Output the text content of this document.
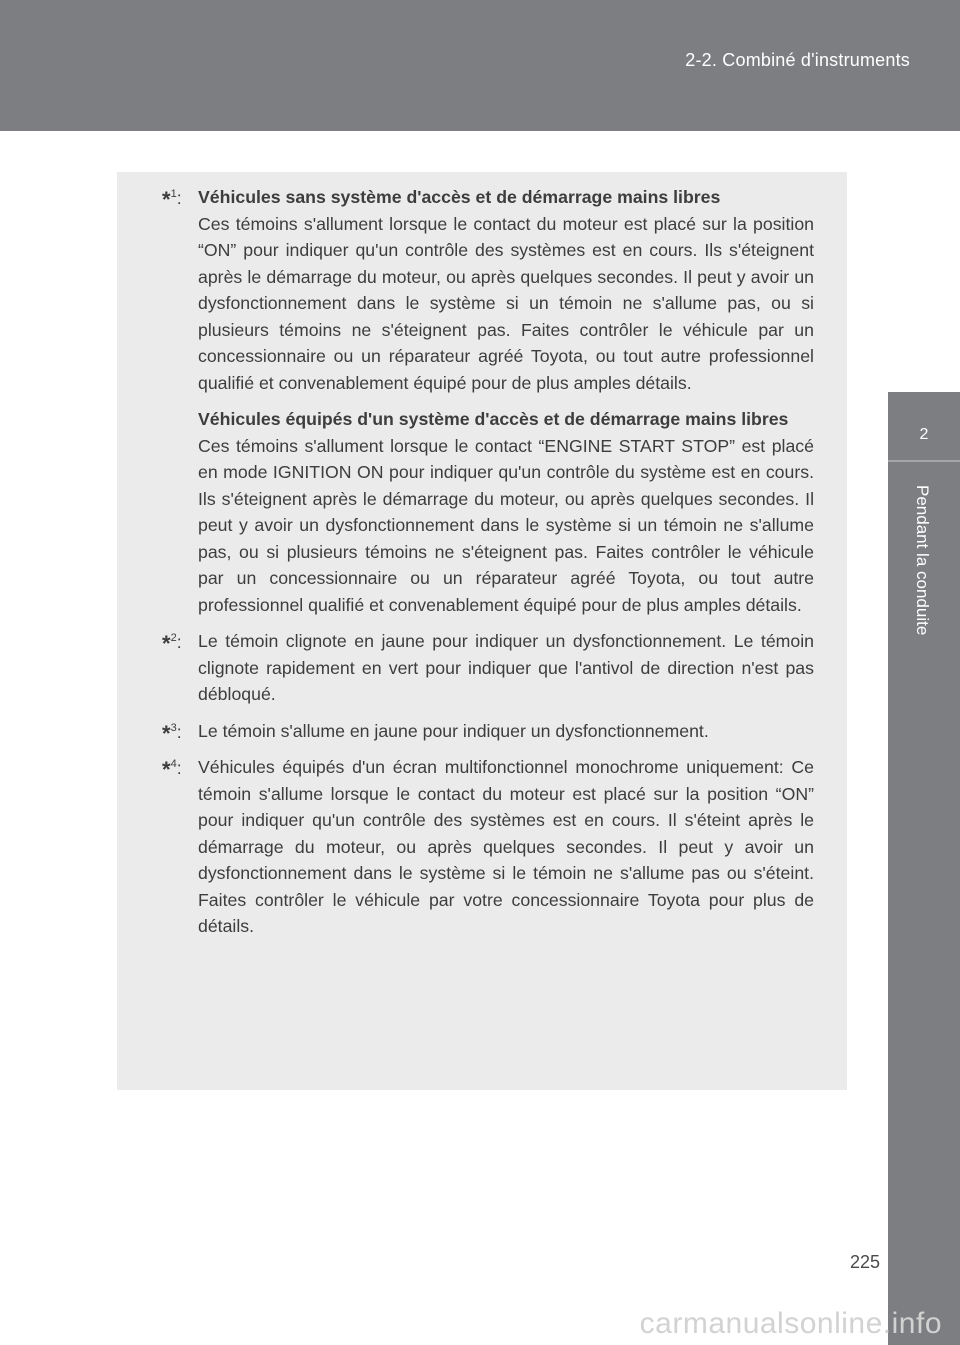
2-2. Combiné d'instruments
2
Pendant la conduite
*$^1$: Véhicules sans système d'accès et de démarrage mains libres
Ces témoins s'allument lorsque le contact du moteur est placé sur la position “ON” pour indiquer qu'un contrôle des systèmes est en cours. Ils s'éteignent après le démarrage du moteur, ou après quelques secondes. Il peut y avoir un dysfonctionnement dans le système si un témoin ne s'allume pas, ou si plusieurs témoins ne s'éteignent pas. Faites contrôler le véhicule par un concessionnaire ou un réparateur agréé Toyota, ou tout autre professionnel qualifié et convenablement équipé pour de plus amples détails.
Véhicules équipés d'un système d'accès et de démarrage mains libres
Ces témoins s'allument lorsque le contact “ENGINE START STOP” est placé en mode IGNITION ON pour indiquer qu'un contrôle du système est en cours. Ils s'éteignent après le démarrage du moteur, ou après quelques secondes. Il peut y avoir un dysfonctionnement dans le système si un témoin ne s'allume pas, ou si plusieurs témoins ne s'éteignent pas. Faites contrôler le véhicule par un concessionnaire ou un réparateur agréé Toyota, ou tout autre professionnel qualifié et convenablement équipé pour de plus amples détails.
*$^2$: Le témoin clignote en jaune pour indiquer un dysfonctionnement. Le témoin clignote rapidement en vert pour indiquer que l'antivol de direction n'est pas débloqué.
*$^3$: Le témoin s'allume en jaune pour indiquer un dysfonctionnement.
*$^4$: Véhicules équipés d'un écran multifonctionnel monochrome uniquement: Ce témoin s'allume lorsque le contact du moteur est placé sur la position “ON” pour indiquer qu'un contrôle des systèmes est en cours. Il s'éteint après le démarrage du moteur, ou après quelques secondes. Il peut y avoir un dysfonctionnement dans le système si le témoin ne s'allume pas ou s'éteint. Faites contrôler le véhicule par votre concessionnaire Toyota pour plus de détails.
225
carmanualsonline.info
